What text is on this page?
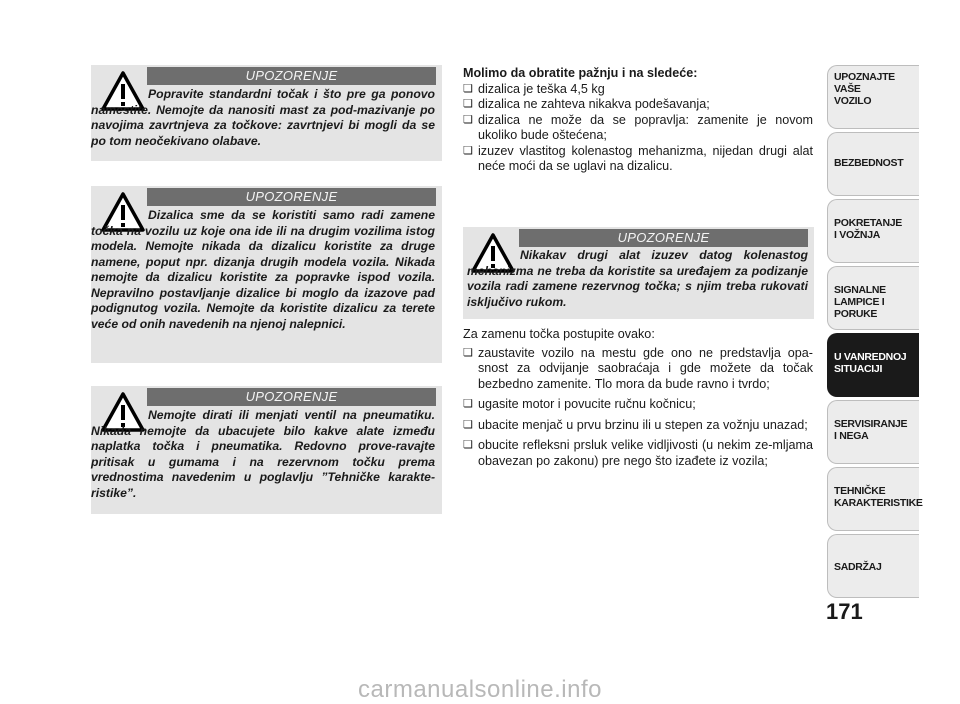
UPOZORENJE
Popravite standardni točak i što pre ga ponovo namestite. Nemojte da nanositi mast za pod-mazivanje po navojima zavrtnjeva za točkove: zavrtnjevi bi mogli da se po tom neočekivano olabave.
UPOZORENJE
Dizalica sme da se koristiti samo radi zamene točka na vozilu uz koje ona ide ili na drugim vozilima istog modela. Nemojte nikada da dizalicu koristite za druge namene, poput npr. dizanja drugih modela vozila. Nikada nemojte da dizalicu koristite za popravke ispod vozila. Nepravilno postavljanje dizalice bi moglo da izazove pad podignutog vozila. Nemojte da koristite dizalicu za terete veće od onih navedenih na njenoj nalepnici.
UPOZORENJE
Nemojte dirati ili menjati ventil na pneumatiku. Nikada nemojte da ubacujete bilo kakve alate između naplatka točka i pneumatika. Redovno prove-ravajte pritisak u gumama i na rezervnom točku prema vrednostima navedenim u poglavlju ”Tehničke karakte-ristike”.
Molimo da obratite pažnju i na sledeće:
❏ dizalica je teška 4,5 kg
❏ dizalica ne zahteva nikakva podešavanja;
❏ dizalica ne može da se popravlja: zamenite je novom ukoliko bude oštećena;
❏ izuzev vlastitog kolenastog mehanizma, nijedan drugi alat neće moći da se uglavi na dizalicu.
UPOZORENJE
Nikakav drugi alat izuzev datog kolenastog mehanizma ne treba da koristite sa uređajem za podizanje vozila radi zamene rezervnog točka; s njim treba rukovati isključivo rukom.
Za zamenu točka postupite ovako:
❏ zaustavite vozilo na mestu gde ono ne predstavlja opa-snost za odvijanje saobraćaja i gde možete da točak bezbedno zamenite. Tlo mora da bude ravno i tvrdo;
❏ ugasite motor i povucite ručnu kočnicu;
❏ ubacite menjač u prvu brzinu ili u stepen za vožnju unazad;
❏ obucite refleksni prsluk velike vidljivosti (u nekim ze-mljama obavezan po zakonu) pre nego što izađete iz vozila;
UPOZNAJTE
VAŠE
VOZILO
BEZBEDNOST
POKRETANJE
I VOŽNJA
SIGNALNE
LAMPICE I PORUKE
U VANREDNOJ
SITUACIJI
SERVISIRANJE
I NEGA
TEHNIČKE
KARAKTERISTIKE
SADRŽAJ
171
carmanualsonline.info
